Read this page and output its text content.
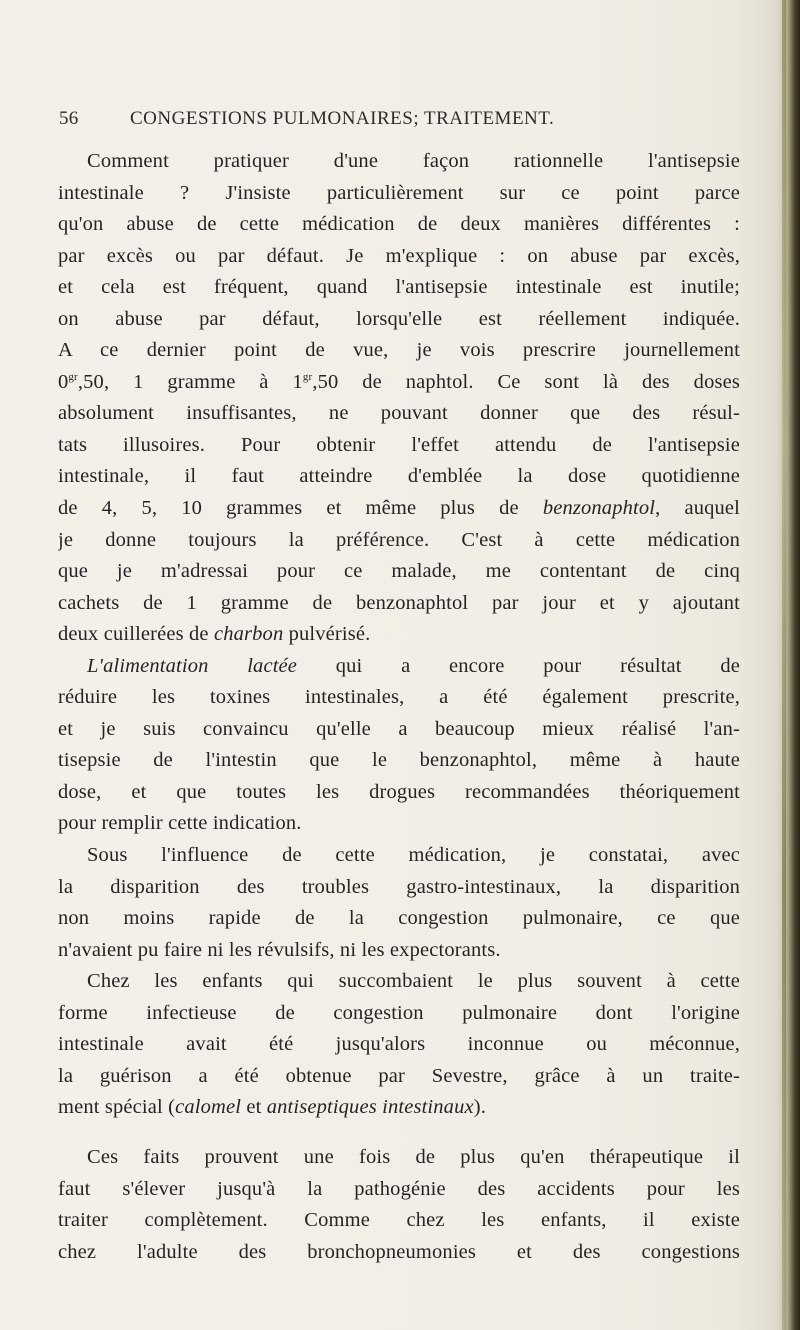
56	CONGESTIONS PULMONAIRES; TRAITEMENT.
Comment pratiquer d'une façon rationnelle l'antisepsie
intestinale ? J'insiste particulièrement sur ce point parce
qu'on abuse de cette médication de deux manières différentes :
par excès ou par défaut. Je m'explique : on abuse par excès,
et cela est fréquent, quand l'antisepsie intestinale est inutile;
on abuse par défaut, lorsqu'elle est réellement indiquée.
A ce dernier point de vue, je vois prescrire journellement
$0^{gr},50$, 1 gramme à $1^{gr},50$ de naphtol. Ce sont là des doses
absolument insuffisantes, ne pouvant donner que des résul-
tats illusoires. Pour obtenir l'effet attendu de l'antisepsie
intestinale, il faut atteindre d'emblée la dose quotidienne
de 4, 5, 10 grammes et même plus de benzonaphtol, auquel
je donne toujours la préférence. C'est à cette médication
que je m'adressai pour ce malade, me contentant de cinq
cachets de 1 gramme de benzonaphtol par jour et y ajoutant
deux cuillerées de charbon pulvérisé.
L'alimentation lactée qui a encore pour résultat de
réduire les toxines intestinales, a été également prescrite,
et je suis convaincu qu'elle a beaucoup mieux réalisé l'an-
tisepsie de l'intestin que le benzonaphtol, même à haute
dose, et que toutes les drogues recommandées théoriquement
pour remplir cette indication.
Sous l'influence de cette médication, je constatai, avec
la disparition des troubles gastro-intestinaux, la disparition
non moins rapide de la congestion pulmonaire, ce que
n'avaient pu faire ni les révulsifs, ni les expectorants.
Chez les enfants qui succombaient le plus souvent à cette
forme infectieuse de congestion pulmonaire dont l'origine
intestinale avait été jusqu'alors inconnue ou méconnue,
la guérison a été obtenue par Sevestre, grâce à un traite-
ment spécial (calomel et antiseptiques intestinaux).
Ces faits prouvent une fois de plus qu'en thérapeutique il
faut s'élever jusqu'à la pathogénie des accidents pour les
traiter complètement. Comme chez les enfants, il existe
chez l'adulte des bronchopneumonies et des congestions
